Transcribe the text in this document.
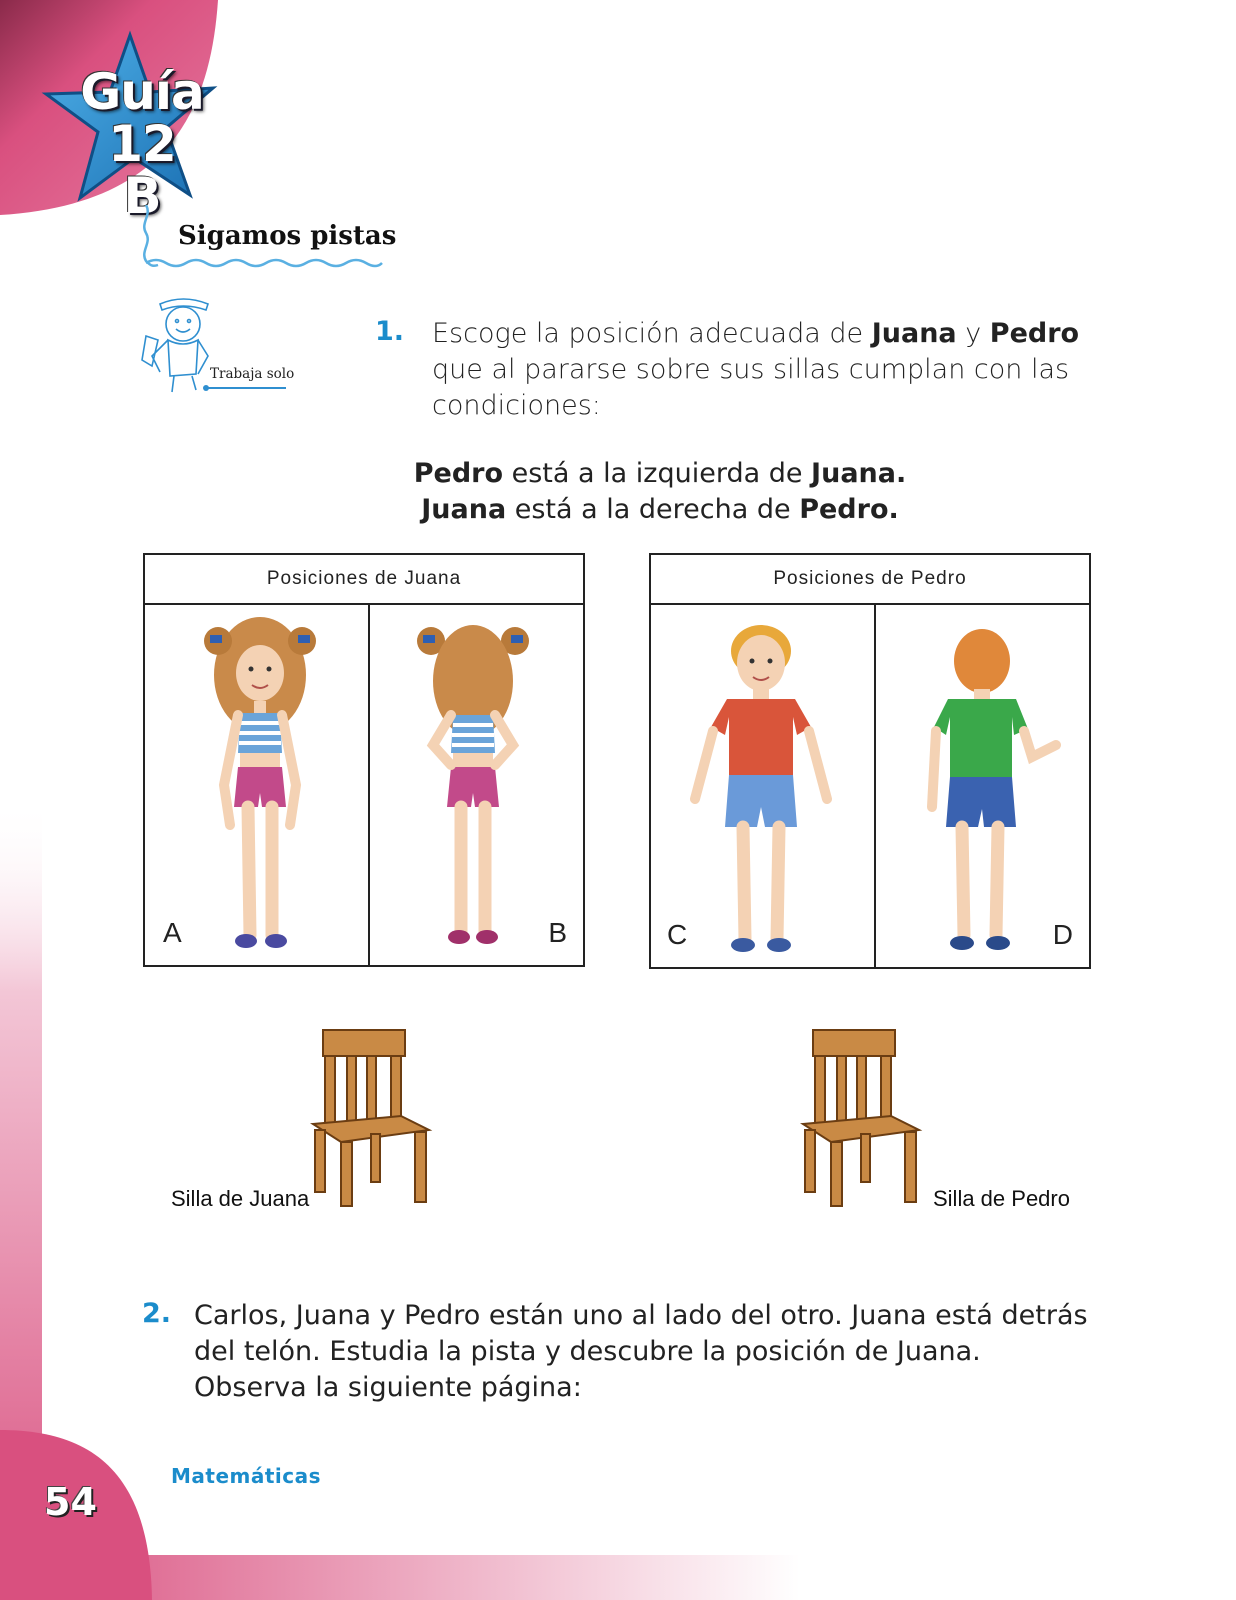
Guía 12
B
Sigamos pistas
Trabaja solo
1. Escoge la posición adecuada de Juana y Pedro que al pararse sobre sus sillas cumplan con las condiciones:
Pedro está a la izquierda de Juana.
Juana está a la derecha de Pedro.
Posiciones de Juana
A	B
Posiciones de Pedro
C	D
Silla de Juana	Silla de Pedro
2. Carlos, Juana y Pedro están uno al lado del otro. Juana está detrás del telón. Estudia la pista y descubre la posición de Juana. Observa la siguiente página:
Matemáticas
54
